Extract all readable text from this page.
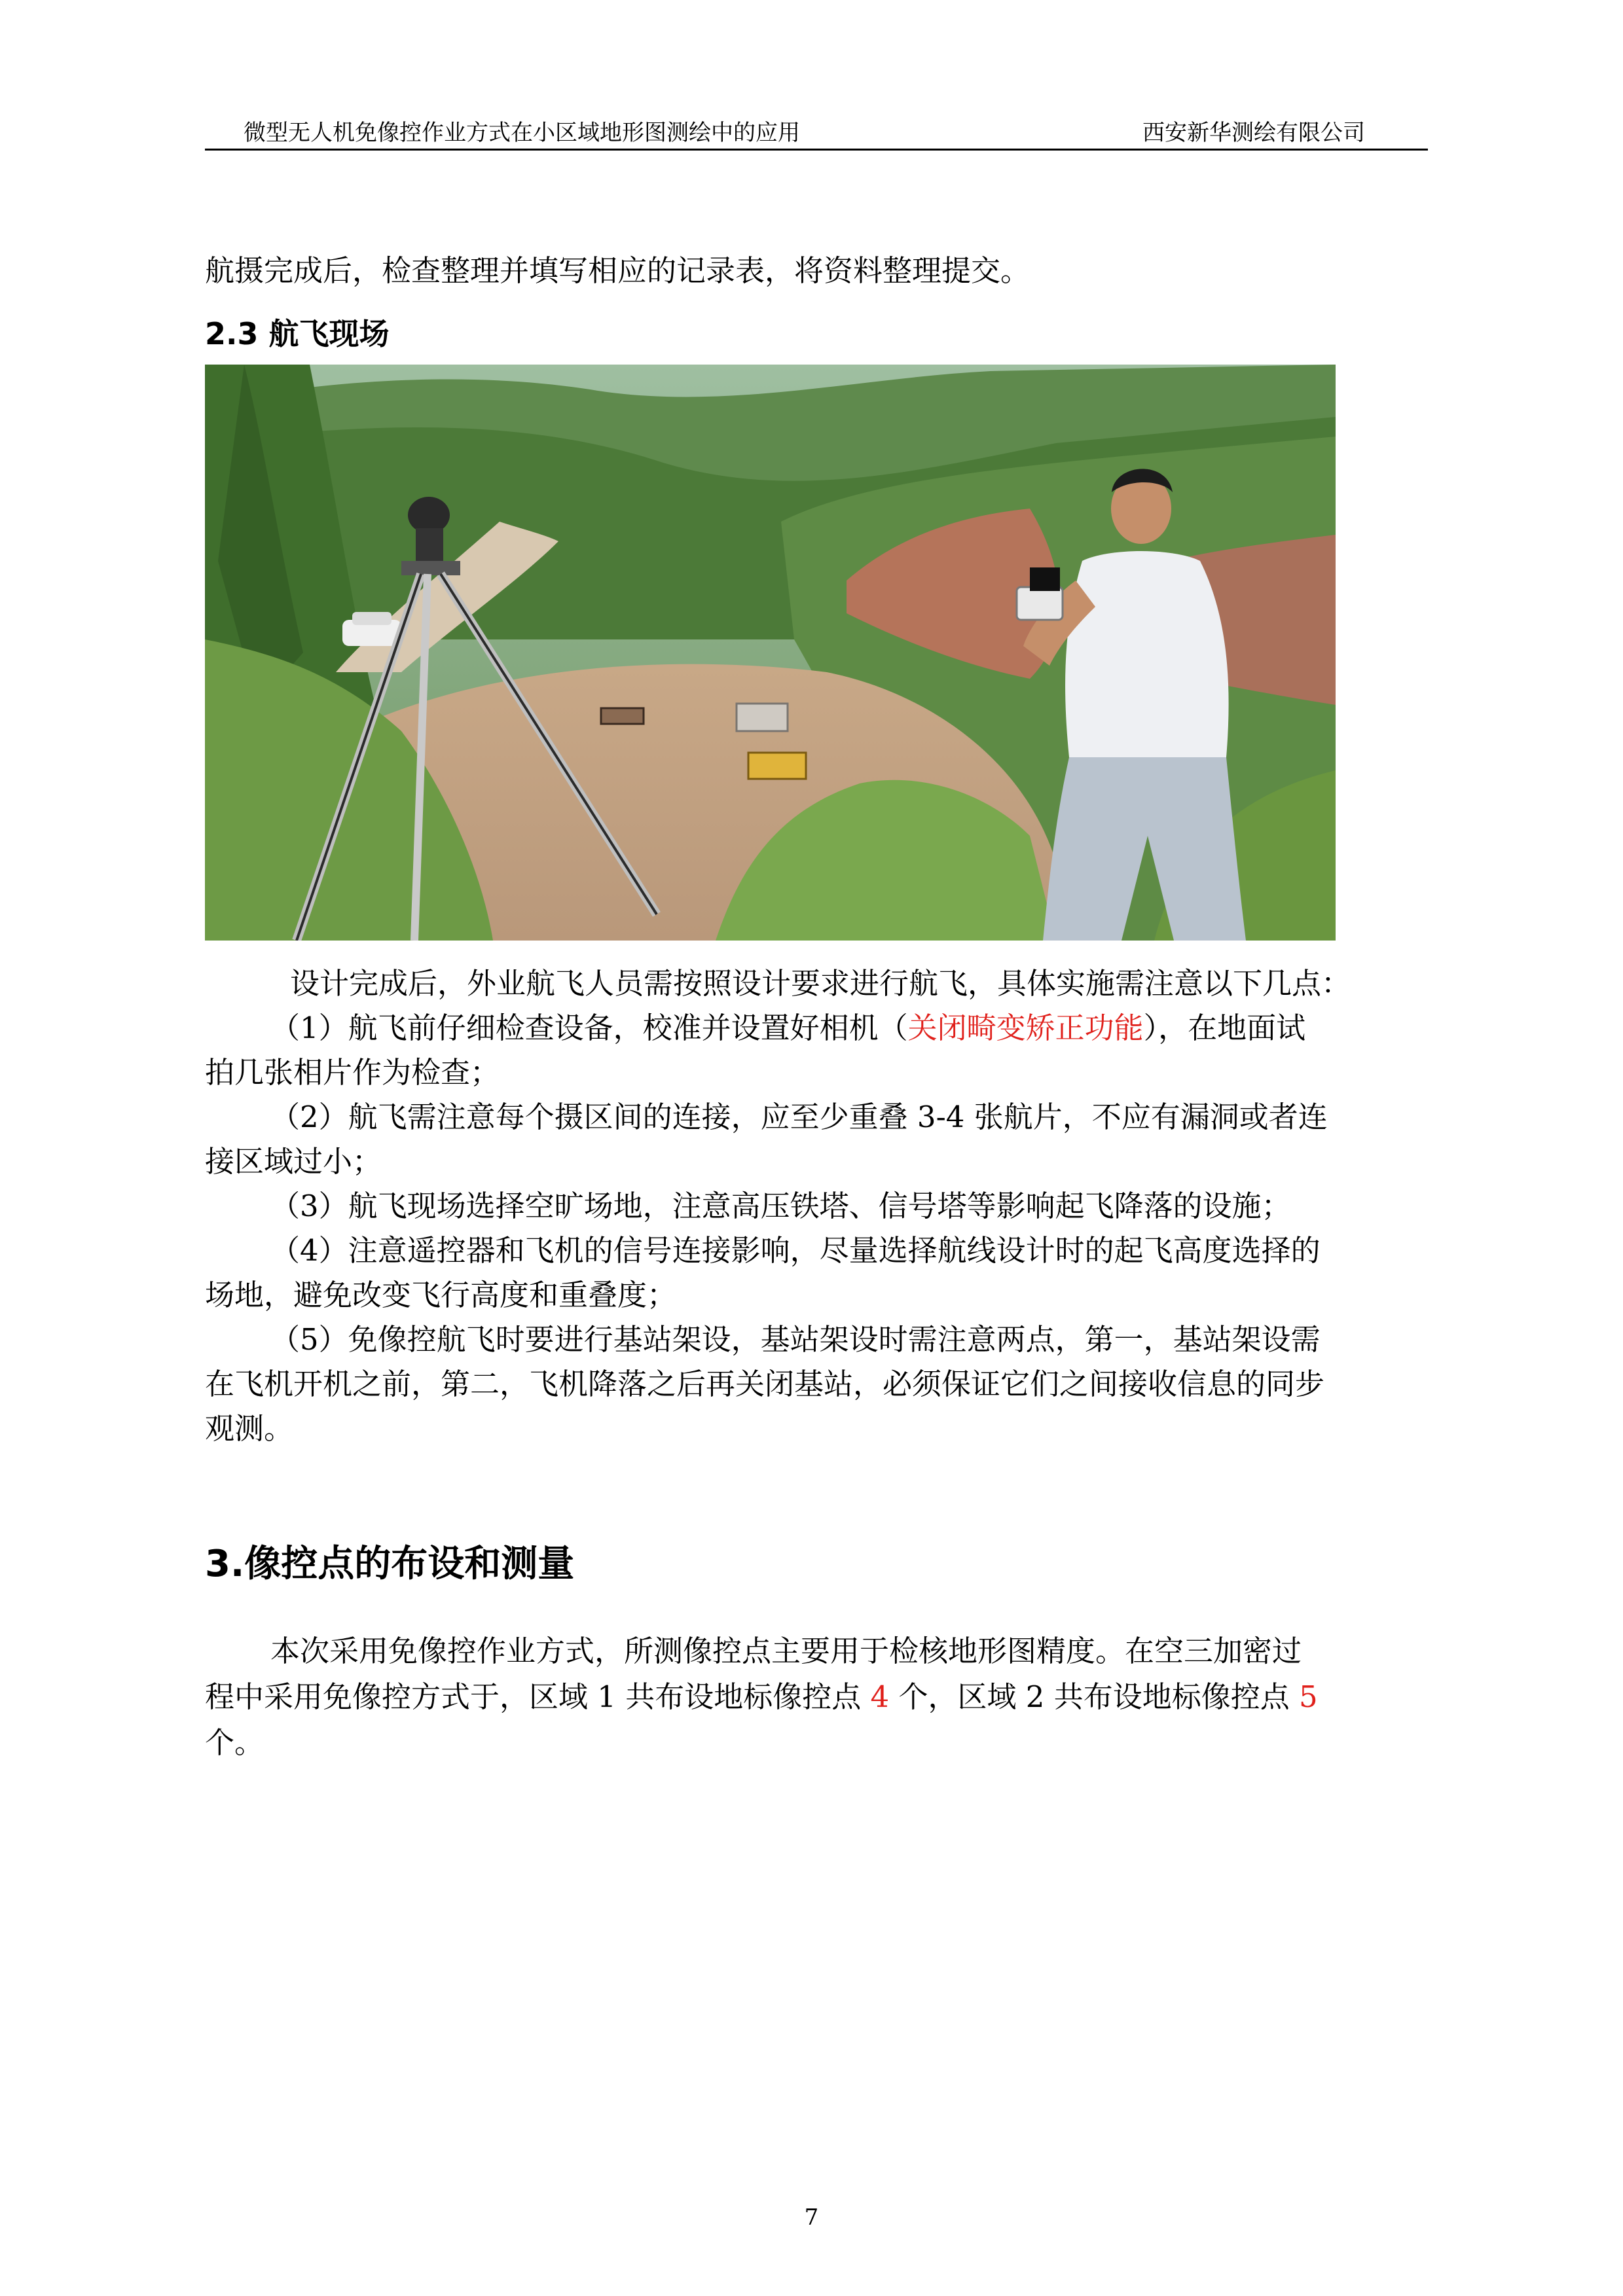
微型无人机免像控作业方式在小区域地形图测绘中的应用	西安新华测绘有限公司
航摄完成后，检查整理并填写相应的记录表，将资料整理提交。
2.3 航飞现场
设计完成后，外业航飞人员需按照设计要求进行航飞，具体实施需注意以下几点：
（1）航飞前仔细检查设备，校准并设置好相机（关闭畸变矫正功能），在地面试
拍几张相片作为检查；
（2）航飞需注意每个摄区间的连接，应至少重叠 3-4 张航片，不应有漏洞或者连
接区域过小；
（3）航飞现场选择空旷场地，注意高压铁塔、信号塔等影响起飞降落的设施；
（4）注意遥控器和飞机的信号连接影响，尽量选择航线设计时的起飞高度选择的
场地，避免改变飞行高度和重叠度；
（5）免像控航飞时要进行基站架设，基站架设时需注意两点，第一，基站架设需
在飞机开机之前，第二，飞机降落之后再关闭基站，必须保证它们之间接收信息的同步
观测。
3.像控点的布设和测量
本次采用免像控作业方式，所测像控点主要用于检核地形图精度。在空三加密过
程中采用免像控方式于，区域 1 共布设地标像控点 4 个，区域 2 共布设地标像控点 5
个。
7
